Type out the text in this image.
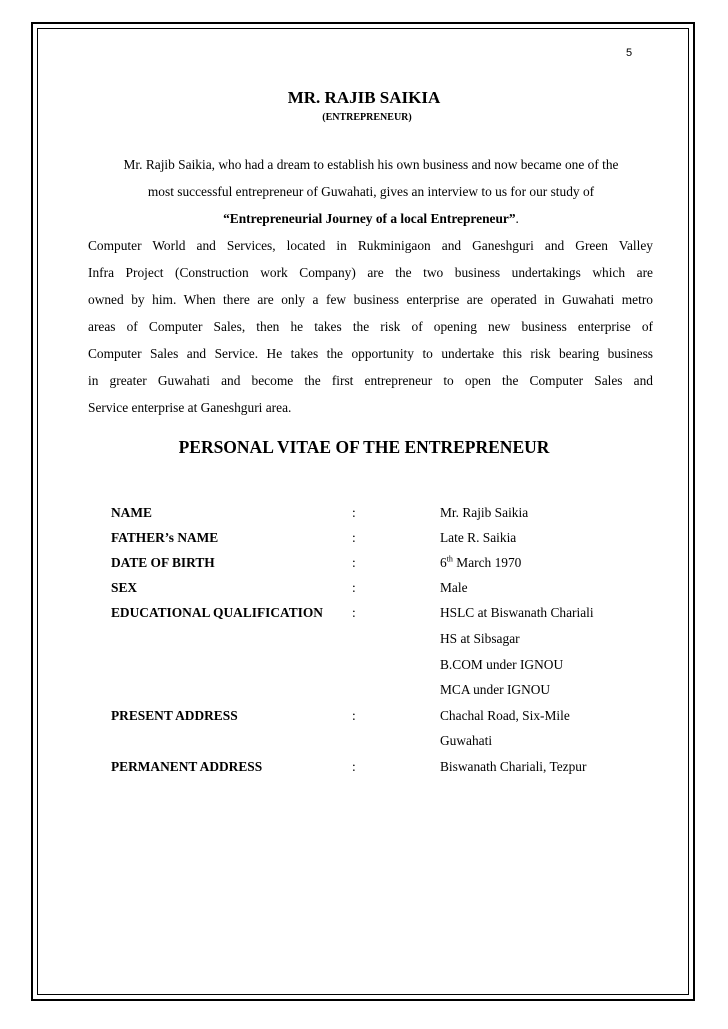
5
MR. RAJIB SAIKIA
(ENTREPRENEUR)
Mr. Rajib Saikia, who had a dream to establish his own business and now became one of the
most successful entrepreneur of Guwahati, gives an interview to us for our study of
“Entrepreneurial Journey of a local Entrepreneur”.
Computer World and Services, located in Rukminigaon and Ganeshguri and Green Valley
Infra Project (Construction work Company) are the two business undertakings which are
owned by him. When there are only a few business enterprise are operated in Guwahati metro
areas of Computer Sales, then he takes the risk of opening new business enterprise of
Computer Sales and Service. He takes the opportunity to undertake this risk bearing business
in greater Guwahati and become the first entrepreneur to open the Computer Sales and
Service enterprise at Ganeshguri area.
PERSONAL VITAE OF THE ENTREPRENEUR
NAME	:	Mr. Rajib Saikia
FATHER’s NAME	:	Late R. Saikia
DATE OF BIRTH	:	6th March 1970
SEX	:	Male
EDUCATIONAL QUALIFICATION :	HSLC at Biswanath Chariali
HS at Sibsagar
B.COM under IGNOU
MCA under IGNOU
PRESENT ADDRESS	:	Chachal Road, Six-Mile
Guwahati
PERMANENT ADDRESS	:	Biswanath Chariali, Tezpur
